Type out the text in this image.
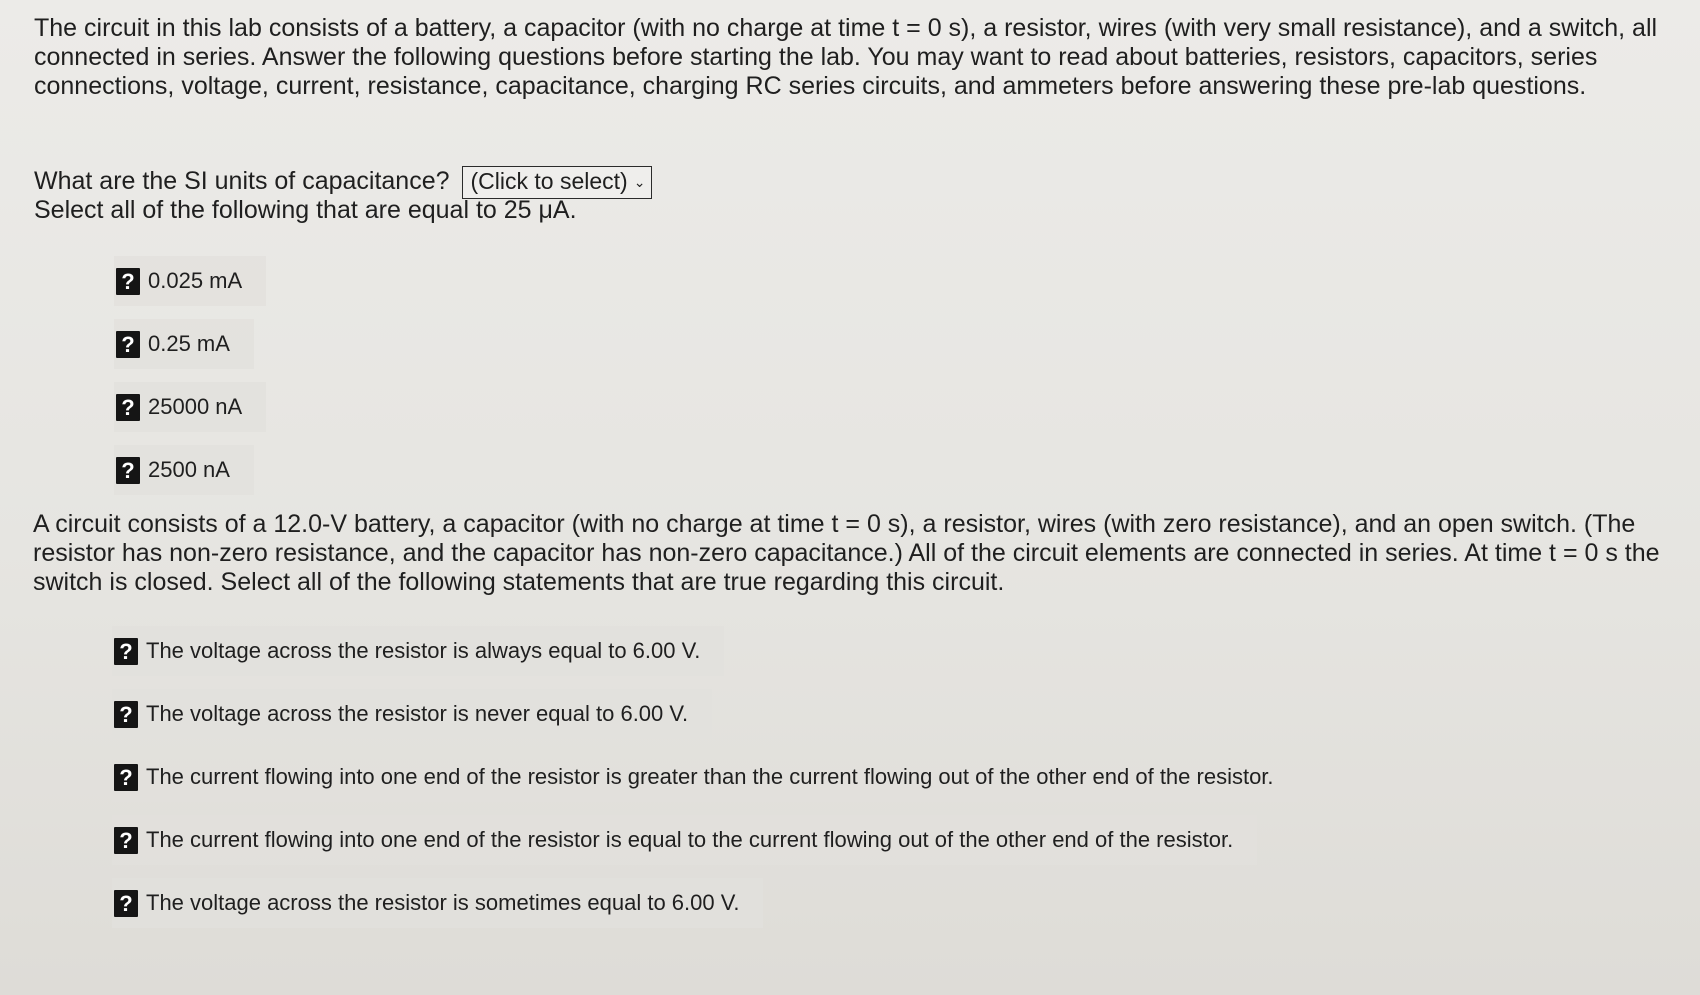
The circuit in this lab consists of a battery, a capacitor (with no charge at time t = 0 s), a resistor, wires (with very small resistance), and a switch, all connected in series. Answer the following questions before starting the lab. You may want to read about batteries, resistors, capacitors, series connections, voltage, current, resistance, capacitance, charging RC series circuits, and ammeters before answering these pre-lab questions.

What are the SI units of capacitance? (Click to select) ⌄
Select all of the following that are equal to 25 μA.
? 0.025 mA
? 0.25 mA
? 25000 nA
? 2500 nA

A circuit consists of a 12.0-V battery, a capacitor (with no charge at time t = 0 s), a resistor, wires (with zero resistance), and an open switch. (The resistor has non-zero resistance, and the capacitor has non-zero capacitance.) All of the circuit elements are connected in series. At time t = 0 s the switch is closed. Select all of the following statements that are true regarding this circuit.

? The voltage across the resistor is always equal to 6.00 V.
? The voltage across the resistor is never equal to 6.00 V.
? The current flowing into one end of the resistor is greater than the current flowing out of the other end of the resistor.
? The current flowing into one end of the resistor is equal to the current flowing out of the other end of the resistor.
? The voltage across the resistor is sometimes equal to 6.00 V.
